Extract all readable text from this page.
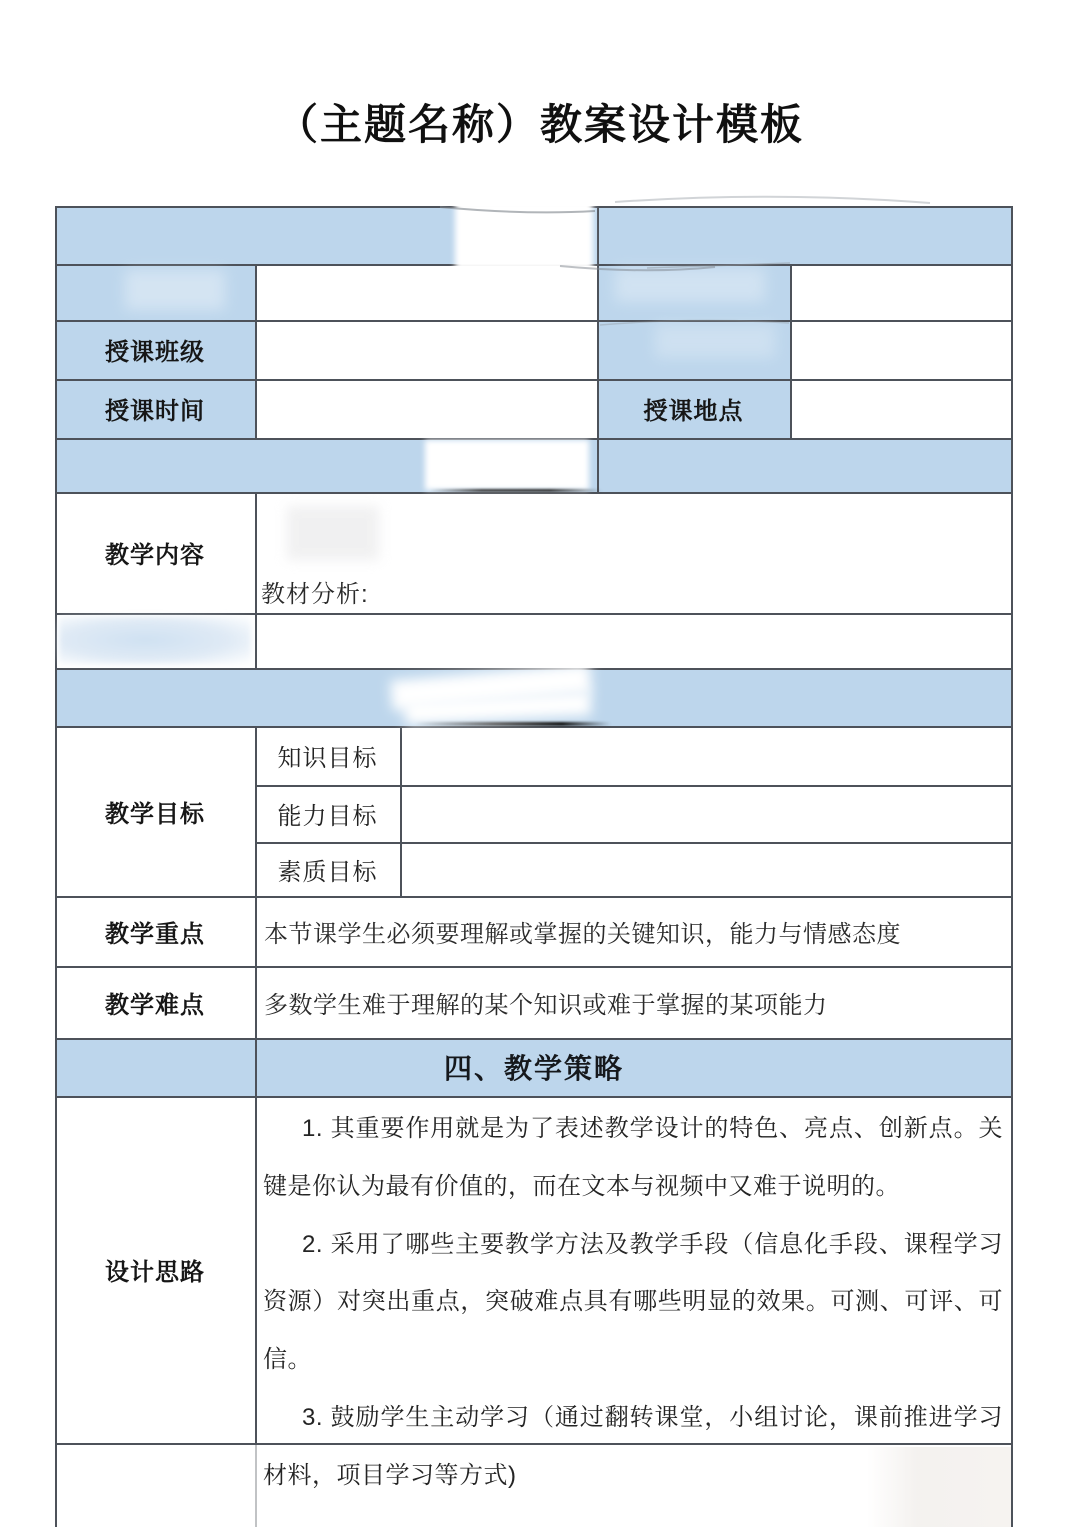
（主题名称）教案设计模板
授课班级
授课时间	授课地点
教学内容
教学目标
知识目标
能力目标
素质目标
教学重点
教学难点
四、教学策略
设计思路
教材分析:
本节课学生必须要理解或掌握的关键知识，能力与情感态度
多数学生难于理解的某个知识或难于掌握的某项能力

1. 其重要作用就是为了表述教学设计的特色、亮点、创新点。关键是你认为最有价值的，而在文本与视频中又难于说明的。

2. 采用了哪些主要教学方法及教学手段（信息化手段、课程学习资源）对突出重点，突破难点具有哪些明显的效果。可测、可评、可信。

3. 鼓励学生主动学习（通过翻转课堂，小组讨论，课前推进学习材料，项目学习等方式)
